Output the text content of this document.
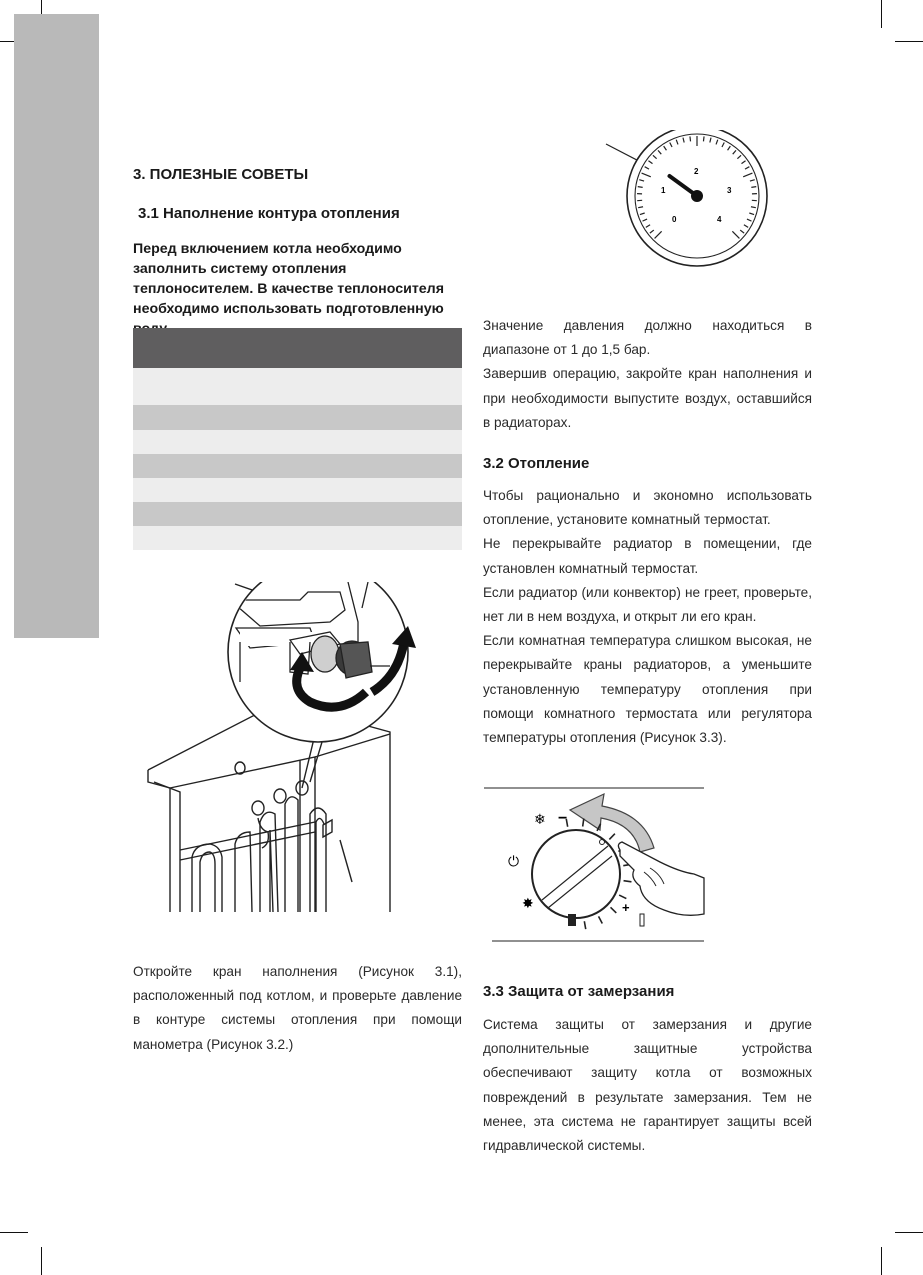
3. ПОЛЕЗНЫЕ СОВЕТЫ
3.1 Наполнение контура отопления
Перед включением котла необходимо заполнить систему отопления теплоносителем. В качестве теплоносителя необходимо использовать подготовленную
Откройте кран наполнения (Рисунок 3.1), расположенный под котлом, и проверьте давление в контуре системы отопления при помощи манометра (Рисунок 3.2.)
0
1
2
3
4

Значение давления должно находиться в диапазоне от 1 до 1,5 бар.

Завершив операцию, закройте кран наполнения и при необходимости выпустите воздух, оставшийся в радиаторах.

3.2 Отопление

Чтобы рационально и экономно использовать отопление, установите комнатный термостат.

Не перекрывайте радиатор в помещении, где установлен комнатный термостат.

Если радиатор (или конвектор) не греет, проверьте, нет ли в нем воздуха, и открыт ли его кран.

Если комнатная температура слишком высокая, не перекрывайте краны радиаторов, а уменьшите установленную температуру отопления при помощи комнатного термостата или регулятора температуры отопления (Рисунок 3.3).

−
+
❄
⏻
✸
3.3 Защита от замерзания

Система защиты от замерзания и другие дополнительные защитные устройства обеспечивают защиту котла от возможных повреждений в результате замерзания. Тем не менее, эта система не гарантирует защиты всей гидравлической системы.
